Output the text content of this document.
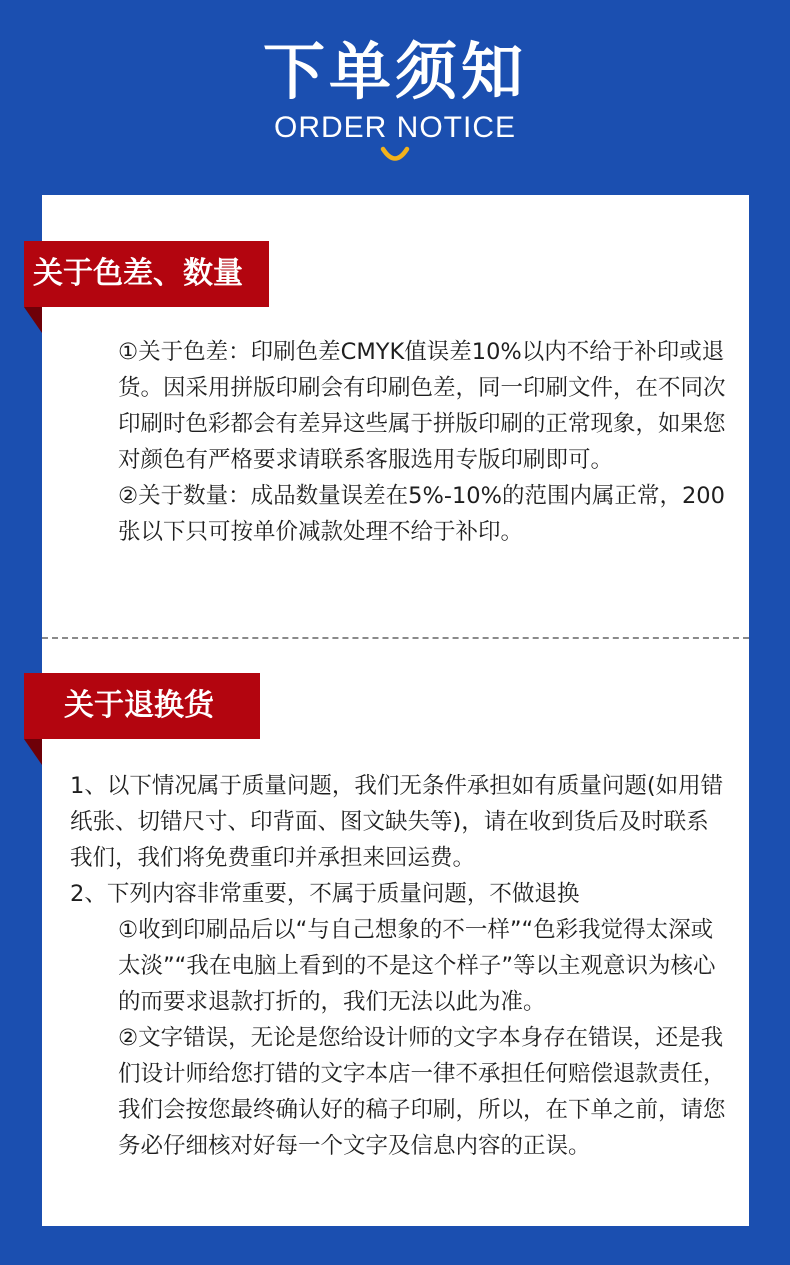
下单须知
ORDER NOTICE
关于色差、数量

①关于色差：印刷色差CMYK值误差10%以内不给于补印或退货。因采用拼版印刷会有印刷色差，同一印刷文件，在不同次印刷时色彩都会有差异这些属于拼版印刷的正常现象，如果您对颜色有严格要求请联系客服选用专版印刷即可。

②关于数量：成品数量误差在5%-10%的范围内属正常，200张以下只可按单价减款处理不给于补印。

关于退换货

1、以下情况属于质量问题，我们无条件承担如有质量问题(如用错纸张、切错尺寸、印背面、图文缺失等)，请在收到货后及时联系我们，我们将免费重印并承担来回运费。

2、下列内容非常重要，不属于质量问题，不做退换

①收到印刷品后以“与自己想象的不一样”“色彩我觉得太深或太淡”“我在电脑上看到的不是这个样子”等以主观意识为核心的而要求退款打折的，我们无法以此为准。

②文字错误，无论是您给设计师的文字本身存在错误，还是我们设计师给您打错的文字本店一律不承担任何赔偿退款责任，我们会按您最终确认好的稿子印刷，所以，在下单之前，请您务必仔细核对好每一个文字及信息内容的正误。
